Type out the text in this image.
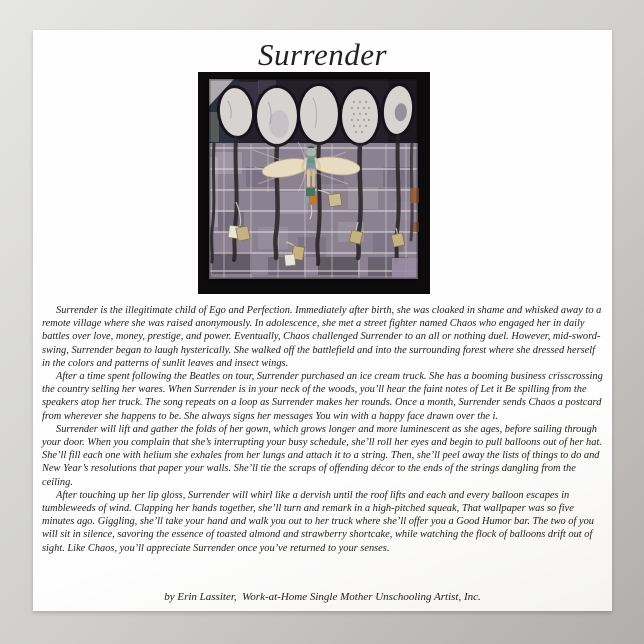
Surrender

Surrender is the illegitimate child of Ego and Perfection. Immediately after birth, she was cloaked in shame and whisked away to a remote village where she was raised anonymously. In adolescence, she met a street fighter named Chaos who engaged her in daily battles over love, money, prestige, and power. Eventually, Chaos challenged Surrender to an all or nothing duel. However, mid-sword-swing, Surrender began to laugh hysterically. She walked off the battlefield and into the surrounding forest where she dressed herself in the colors and patterns of sunlit leaves and insect wings.

After a time spent following the Beatles on tour, Surrender purchased an ice cream truck. She has a booming business crisscrossing the country selling her wares. When Surrender is in your neck of the woods, you’ll hear the faint notes of Let it Be spilling from the speakers atop her truck. The song repeats on a loop as Surrender makes her rounds. Once a month, Surrender sends Chaos a postcard from wherever she happens to be. She always signs her messages You win with a happy face drawn over the i.

Surrender will lift and gather the folds of her gown, which grows longer and more luminescent as she ages, before sailing through your door. When you complain that she’s interrupting your busy schedule, she’ll roll her eyes and begin to pull balloons out of her hat. She’ll fill each one with helium she exhales from her lungs and attach it to a string. Then, she’ll peel away the lists of things to do and New Year’s resolutions that paper your walls. She’ll tie the scraps of offending décor to the ends of the strings dangling from the ceiling.

After touching up her lip gloss, Surrender will whirl like a dervish until the roof lifts and each and every balloon escapes in tumbleweeds of wind. Clapping her hands together, she’ll turn and remark in a high-pitched squeak, That wallpaper was so five minutes ago. Giggling, she’ll take your hand and walk you out to her truck where she’ll offer you a Good Humor bar. The two of you will sit in silence, savoring the essence of toasted almond and strawberry shortcake, while watching the flock of balloons drift out of sight. Like Chaos, you’ll appreciate Surrender once you’ve returned to your senses.

by Erin Lassiter,  Work-at-Home Single Mother Unschooling Artist, Inc.
